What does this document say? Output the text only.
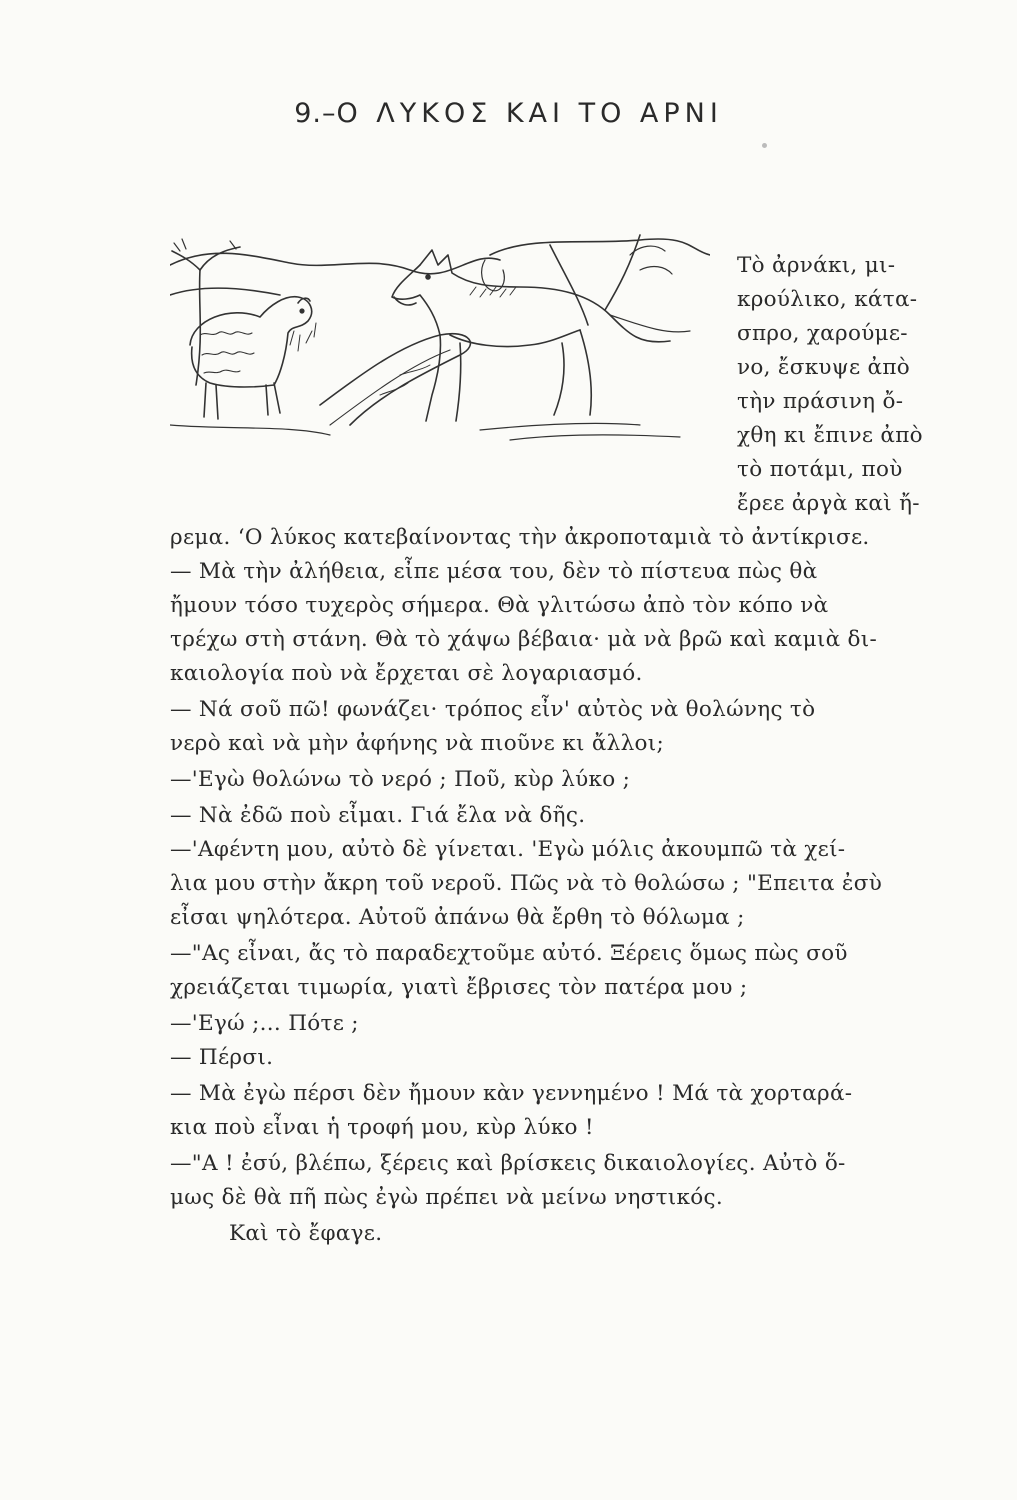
9.–Ο ΛΥΚΟΣ ΚΑΙ ΤΟ ΑΡΝΙ
Τὸ ἀρνάκι, μι-
κρούλικο, κάτα-
σπρο, χαρούμε-
νο, ἔσκυψε ἀπὸ
τὴν πράσινη ὄ-
χθη κι ἔπινε ἀπὸ
τὸ ποτάμι, ποὺ
ἔρεε ἀργὰ καὶ ἤ-
ρεμα. ʻΟ λύκος κατεβαίνοντας τὴν ἀκροποταμιὰ τὸ ἀντίκρισε.
— Μὰ τὴν ἀλήθεια, εἶπε μέσα του, δὲν τὸ πίστευα πὼς θὰ
ἤμουν τόσο τυχερὸς σήμερα. Θὰ γλιτώσω ἀπὸ τὸν κόπο νὰ
τρέχω στὴ στάνη. Θὰ τὸ χάψω βέβαια· μὰ νὰ βρῶ καὶ καμιὰ δι-
καιολογία ποὺ νὰ ἔρχεται σὲ λογαριασμό.
— Νά σοῦ πῶ! φωνάζει· τρόπος εἶν' αὐτὸς νὰ θολώνης τὸ
νερὸ καὶ νὰ μὴν ἀφήνης νὰ πιοῦνε κι ἄλλοι;
—'Εγὼ θολώνω τὸ νερό ; Ποῦ, κὺρ λύκο ;
— Νὰ ἐδῶ ποὺ εἶμαι. Γιά ἔλα νὰ δῆς.
—'Αφέντη μου, αὐτὸ δὲ γίνεται. 'Εγὼ μόλις ἀκουμπῶ τὰ χεί-
λια μου στὴν ἄκρη τοῦ νεροῦ. Πῶς νὰ τὸ θολώσω ; "Επειτα ἐσὺ
εἶσαι ψηλότερα. Αὐτοῦ ἀπάνω θὰ ἔρθη τὸ θόλωμα ;
—"Ας εἶναι, ἄς τὸ παραδεχτοῦμε αὐτό. Ξέρεις ὅμως πὼς σοῦ
χρειάζεται τιμωρία, γιατὶ ἔβρισες τὸν πατέρα μου ;
—'Εγώ ;... Πότε ;
— Πέρσι.
— Μὰ ἐγὼ πέρσι δὲν ἤμουν κὰν γεννημένο ! Μά τὰ χορταρά-
κια ποὺ εἶναι ἡ τροφή μου, κὺρ λύκο !
—"Α ! ἐσύ, βλέπω, ξέρεις καὶ βρίσκεις δικαιολογίες. Αὐτὸ ὅ-
μως δὲ θὰ πῆ πὼς ἐγὼ πρέπει νὰ μείνω νηστικός.
Καὶ τὸ ἔφαγε.
